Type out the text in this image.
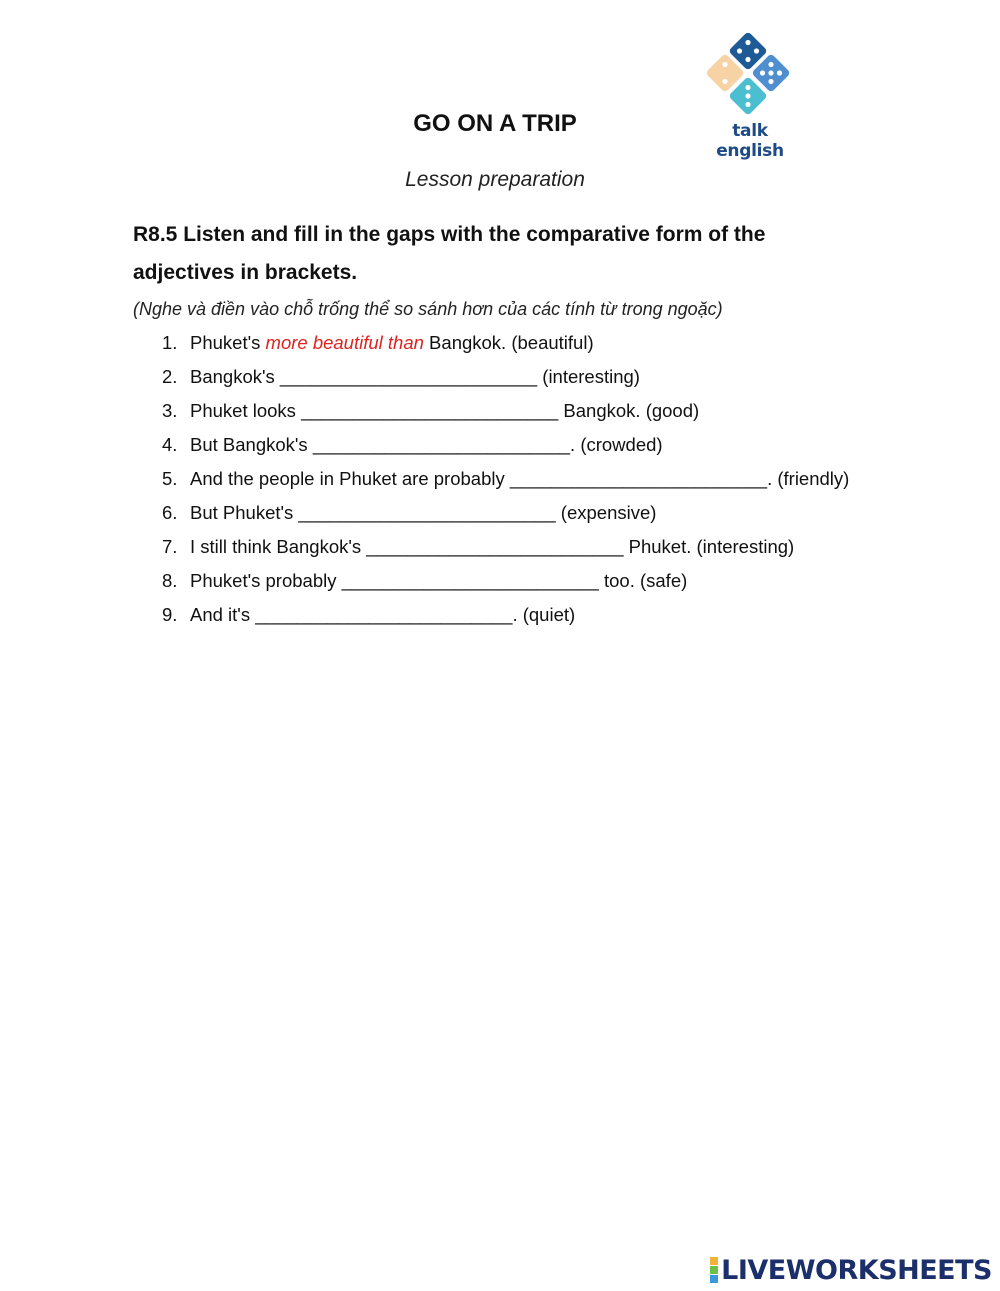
talk english
GO ON A TRIP
Lesson preparation
R8.5 Listen and fill in the gaps with the comparative form of the
adjectives in brackets.
(Nghe và điền vào chỗ trống thể so sánh hơn của các tính từ trong ngoặc)
1. Phuket's more beautiful than Bangkok. (beautiful)
2. Bangkok's _________________________ (interesting)
3. Phuket looks _________________________ Bangkok. (good)
4. But Bangkok's _________________________. (crowded)
5. And the people in Phuket are probably _________________________. (friendly)
6. But Phuket's _________________________ (expensive)
7. I still think Bangkok's _________________________ Phuket. (interesting)
8. Phuket's probably _________________________ too. (safe)
9. And it's _________________________. (quiet)
LIVEWORKSHEETS
